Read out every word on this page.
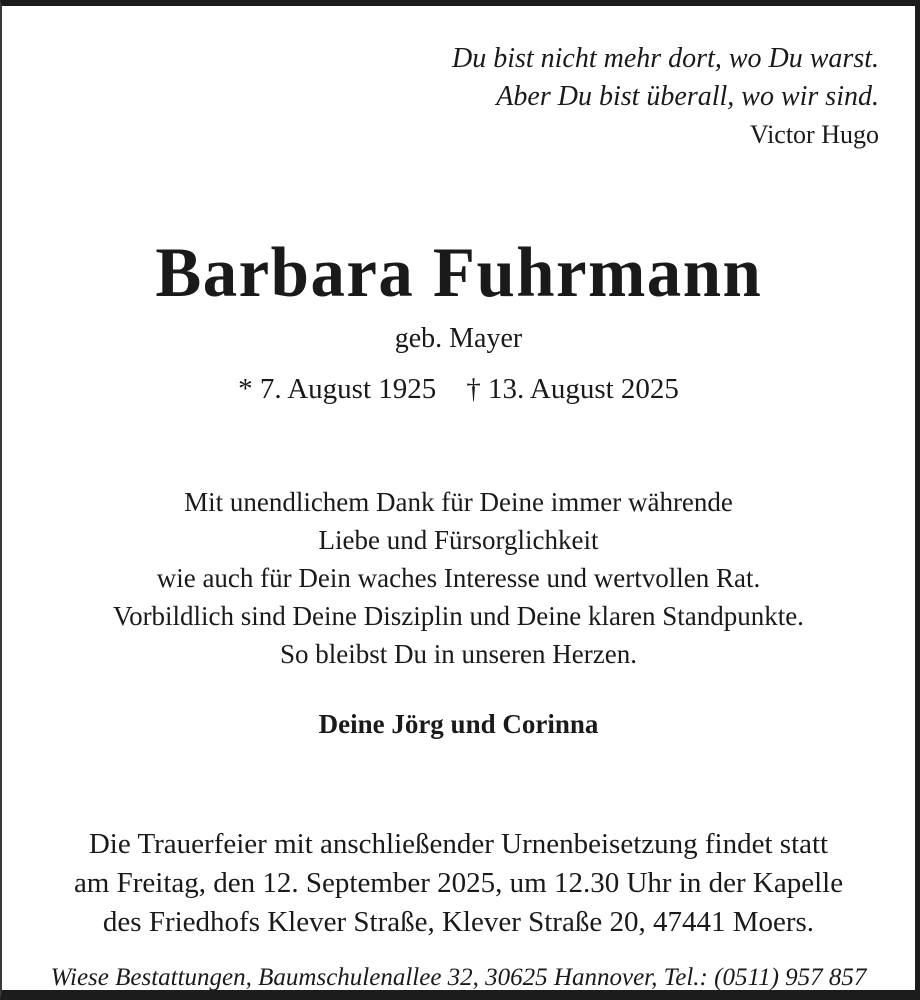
Du bist nicht mehr dort, wo Du warst.
Aber Du bist überall, wo wir sind.
Victor Hugo
Barbara Fuhrmann
geb. Mayer
* 7. August 1925 † 13. August 2025
Mit unendlichem Dank für Deine immer währende
Liebe und Fürsorglichkeit
wie auch für Dein waches Interesse und wertvollen Rat.
Vorbildlich sind Deine Disziplin und Deine klaren Standpunkte.
So bleibst Du in unseren Herzen.
Deine Jörg und Corinna
Die Trauerfeier mit anschließender Urnenbeisetzung findet statt
am Freitag, den 12. September 2025, um 12.30 Uhr in der Kapelle
des Friedhofs Klever Straße, Klever Straße 20, 47441 Moers.
Wiese Bestattungen, Baumschulenallee 32, 30625 Hannover, Tel.: (0511) 957 857
